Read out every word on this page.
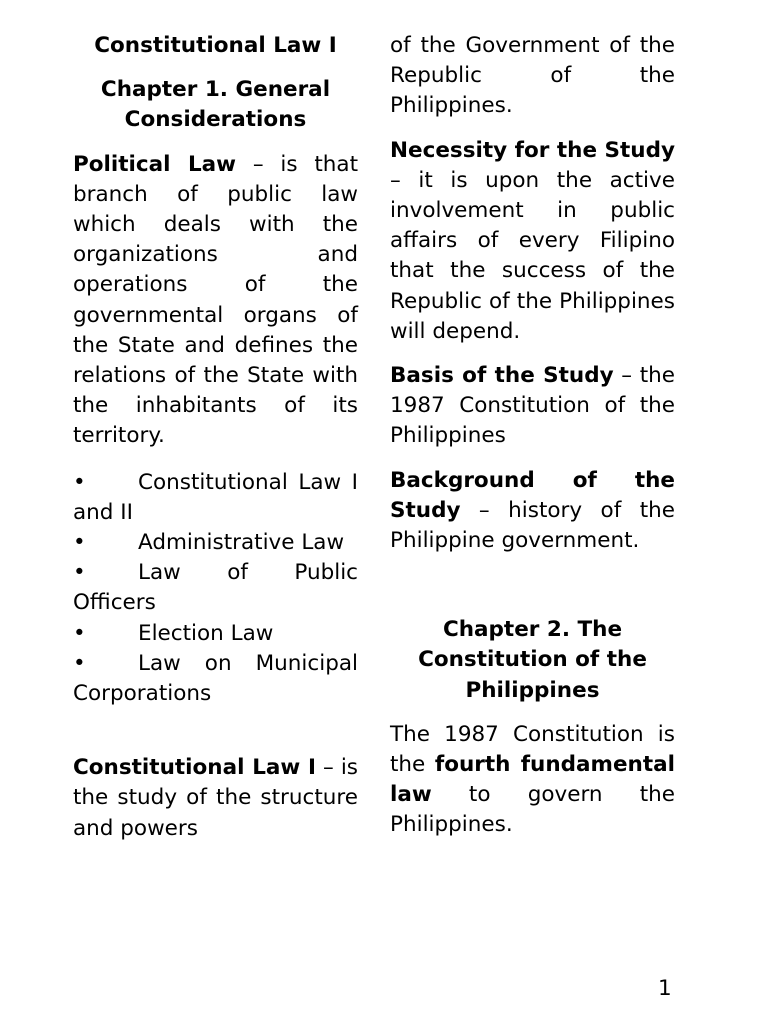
Constitutional Law I
Chapter 1. General Considerations
Political Law – is that branch of public law which deals with the organizations and operations of the governmental organs of the State and defines the relations of the State with the inhabitants of its territory.
• Constitutional Law I and II
• Administrative Law
• Law of Public Officers
• Election Law
• Law on Municipal Corporations
Constitutional Law I – is the study of the structure and powers
of the Government of the Republic of the Philippines.
Necessity for the Study – it is upon the active involvement in public affairs of every Filipino that the success of the Republic of the Philippines will depend.
Basis of the Study – the 1987 Constitution of the Philippines
Background of the Study – history of the Philippine government.
Chapter 2. The Constitution of the Philippines
The 1987 Constitution is the fourth fundamental law to govern the Philippines.
1
